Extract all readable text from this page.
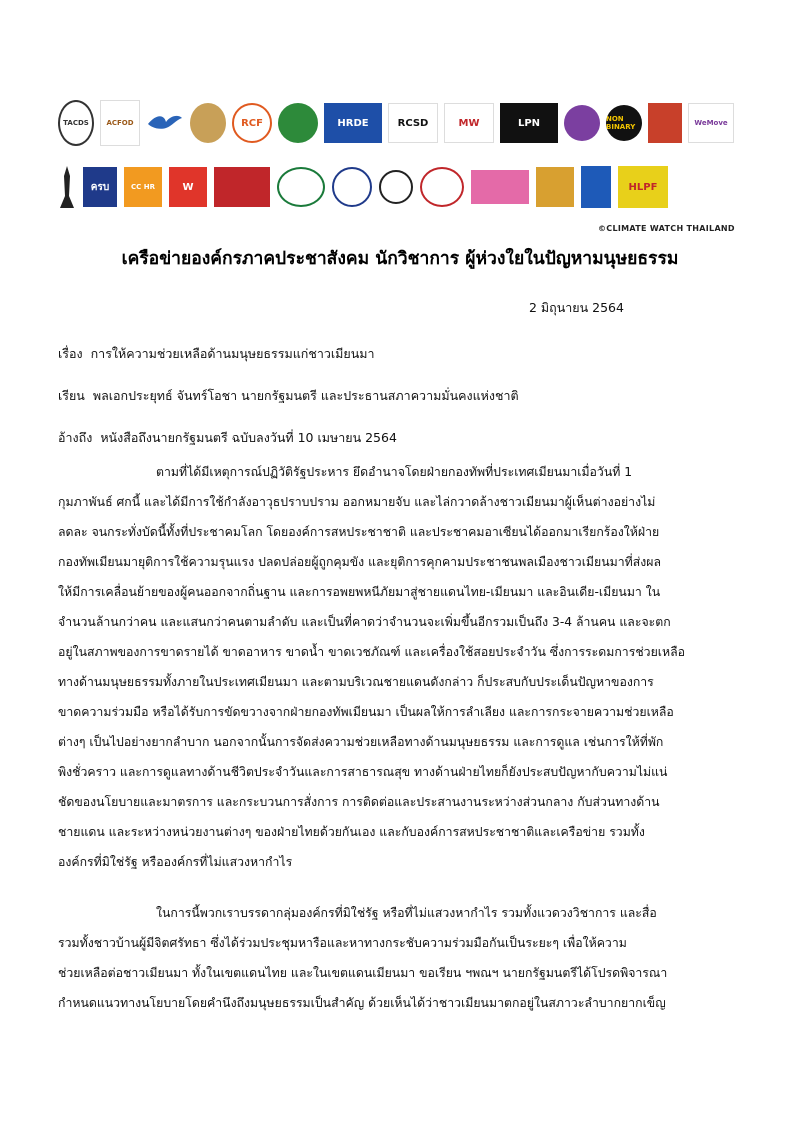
TACDS	ACFOD	RCF	HRDE	RCSD	MW	LPN	NON BINARY	WeMove
ครบ	CC HR	W	HLPF
©CLIMATE WATCH THAILAND
เครือข่ายองค์กรภาคประชาสังคม นักวิชาการ ผู้ห่วงใยในปัญหามนุษยธรรม
2 มิถุนายน 2564
เรื่อง การให้ความช่วยเหลือด้านมนุษยธรรมแก่ชาวเมียนมา
เรียน พลเอกประยุทธ์ จันทร์โอชา นายกรัฐมนตรี และประธานสภาความมั่นคงแห่งชาติ
อ้างถึง หนังสือถึงนายกรัฐมนตรี ฉบับลงวันที่ 10 เมษายน 2564
ตามที่ได้มีเหตุการณ์ปฏิวัติรัฐประหาร ยึดอำนาจโดยฝ่ายกองทัพที่ประเทศเมียนมาเมื่อวันที่ 1
กุมภาพันธ์ ศกนี้ และได้มีการใช้กำลังอาวุธปราบปราม ออกหมายจับ และไล่กวาดล้างชาวเมียนมาผู้เห็นต่างอย่างไม่
ลดละ จนกระทั่งบัดนี้ทั้งที่ประชาคมโลก โดยองค์การสหประชาชาติ และประชาคมอาเซียนได้ออกมาเรียกร้องให้ฝ่าย
กองทัพเมียนมายุติการใช้ความรุนแรง ปลดปล่อยผู้ถูกคุมขัง และยุติการคุกคามประชาชนพลเมืองชาวเมียนมาที่ส่งผล
ให้มีการเคลื่อนย้ายของผู้คนออกจากถิ่นฐาน และการอพยพหนีภัยมาสู่ชายแดนไทย-เมียนมา และอินเดีย-เมียนมา ใน
จำนวนล้านกว่าคน และแสนกว่าคนตามลำดับ และเป็นที่คาดว่าจำนวนจะเพิ่มขึ้นอีกรวมเป็นถึง 3-4 ล้านคน และจะตก
อยู่ในสภาพของการขาดรายได้ ขาดอาหาร ขาดน้ำ ขาดเวชภัณฑ์ และเครื่องใช้สอยประจำวัน ซึ่งการระดมการช่วยเหลือ
ทางด้านมนุษยธรรมทั้งภายในประเทศเมียนมา และตามบริเวณชายแดนดังกล่าว ก็ประสบกับประเด็นปัญหาของการ
ขาดความร่วมมือ หรือได้รับการขัดขวางจากฝ่ายกองทัพเมียนมา เป็นผลให้การลำเลียง และการกระจายความช่วยเหลือ
ต่างๆ เป็นไปอย่างยากลำบาก นอกจากนั้นการจัดส่งความช่วยเหลือทางด้านมนุษยธรรม และการดูแล เช่นการให้ที่พัก
พิงชั่วคราว และการดูแลทางด้านชีวิตประจำวันและการสาธารณสุข ทางด้านฝ่ายไทยก็ยังประสบปัญหากับความไม่แน่
ชัดของนโยบายและมาตรการ และกระบวนการสั่งการ การติดต่อและประสานงานระหว่างส่วนกลาง กับส่วนทางด้าน
ชายแดน และระหว่างหน่วยงานต่างๆ ของฝ่ายไทยด้วยกันเอง และกับองค์การสหประชาชาติและเครือข่าย รวมทั้ง
องค์กรที่มิใช่รัฐ หรือองค์กรที่ไม่แสวงหากำไร
ในการนี้พวกเราบรรดากลุ่มองค์กรที่มิใช่รัฐ หรือที่ไม่แสวงหากำไร รวมทั้งแวดวงวิชาการ และสื่อ
รวมทั้งชาวบ้านผู้มีจิตศรัทธา ซึ่งได้ร่วมประชุมหารือและหาทางกระชับความร่วมมือกันเป็นระยะๆ เพื่อให้ความ
ช่วยเหลือต่อชาวเมียนมา ทั้งในเขตแดนไทย และในเขตแดนเมียนมา ขอเรียน ฯพณฯ นายกรัฐมนตรีได้โปรดพิจารณา
กำหนดแนวทางนโยบายโดยคำนึงถึงมนุษยธรรมเป็นสำคัญ ด้วยเห็นได้ว่าชาวเมียนมาตกอยู่ในสภาวะลำบากยากเข็ญ
